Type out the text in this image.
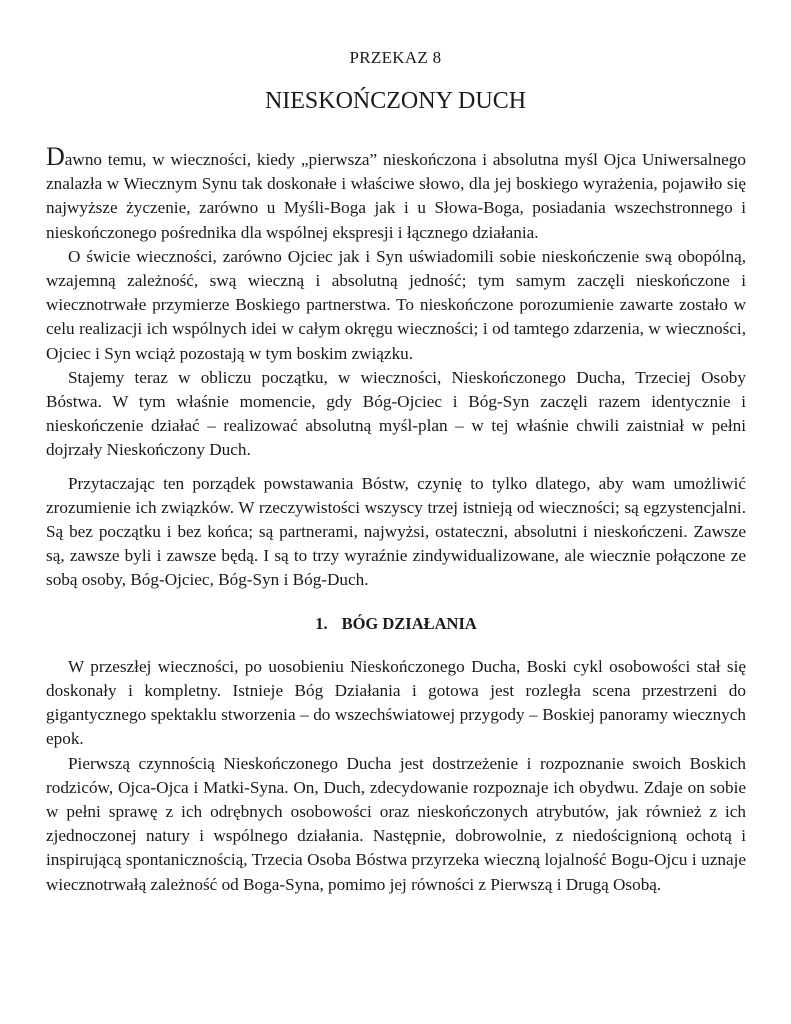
PRZEKAZ 8
NIESKOŃCZONY DUCH

Dawno temu, w wieczności, kiedy „pierwsza” nieskończona i absolutna myśl Ojca Uniwersalnego znalazła w Wiecznym Synu tak doskonałe i właściwe słowo, dla jej boskiego wyrażenia, pojawiło się najwyższe życzenie, zarówno u Myśli-Boga jak i u Słowa-Boga, posiadania wszechstronnego i nieskończonego pośrednika dla wspólnej ekspresji i łącznego działania.

O świcie wieczności, zarówno Ojciec jak i Syn uświadomili sobie nieskończenie swą obopólną, wzajemną zależność, swą wieczną i absolutną jedność; tym samym zaczęli nieskończone i wiecznotrwałe przymierze Boskiego partnerstwa. To nieskończone porozumienie zawarte zostało w celu realizacji ich wspólnych idei w całym okręgu wieczności; i od tamtego zdarzenia, w wieczności, Ojciec i Syn wciąż pozostają w tym boskim związku.

Stajemy teraz w obliczu początku, w wieczności, Nieskończonego Ducha, Trzeciej Osoby Bóstwa. W tym właśnie momencie, gdy Bóg-Ojciec i Bóg-Syn zaczęli razem identycznie i nieskończenie działać – realizować absolutną myśl-plan – w tej właśnie chwili zaistniał w pełni dojrzały Nieskończony Duch.

Przytaczając ten porządek powstawania Bóstw, czynię to tylko dlatego, aby wam umożliwić zrozumienie ich związków. W rzeczywistości wszyscy trzej istnieją od wieczności; są egzystencjalni. Są bez początku i bez końca; są partnerami, najwyżsi, ostateczni, absolutni i nieskończeni. Zawsze są, zawsze byli i zawsze będą. I są to trzy wyraźnie zindywidualizowane, ale wiecznie połączone ze sobą osoby, Bóg-Ojciec, Bóg-Syn i Bóg-Duch.

1. BÓG DZIAŁANIA

W przeszłej wieczności, po uosobieniu Nieskończonego Ducha, Boski cykl osobowości stał się doskonały i kompletny. Istnieje Bóg Działania i gotowa jest rozległa scena przestrzeni do gigantycznego spektaklu stworzenia – do wszechświatowej przygody – Boskiej panoramy wiecznych epok.

Pierwszą czynnością Nieskończonego Ducha jest dostrzeżenie i rozpoznanie swoich Boskich rodziców, Ojca-Ojca i Matki-Syna. On, Duch, zdecydowanie rozpoznaje ich obydwu. Zdaje on sobie w pełni sprawę z ich odrębnych osobowości oraz nieskończonych atrybutów, jak również z ich zjednoczonej natury i wspólnego działania. Następnie, dobrowolnie, z niedoścignioną ochotą i inspirującą spontanicznością, Trzecia Osoba Bóstwa przyrzeka wieczną lojalność Bogu-Ojcu i uznaje wiecznotrwałą zależność od Boga-Syna, pomimo jej równości z Pierwszą i Drugą Osobą.
